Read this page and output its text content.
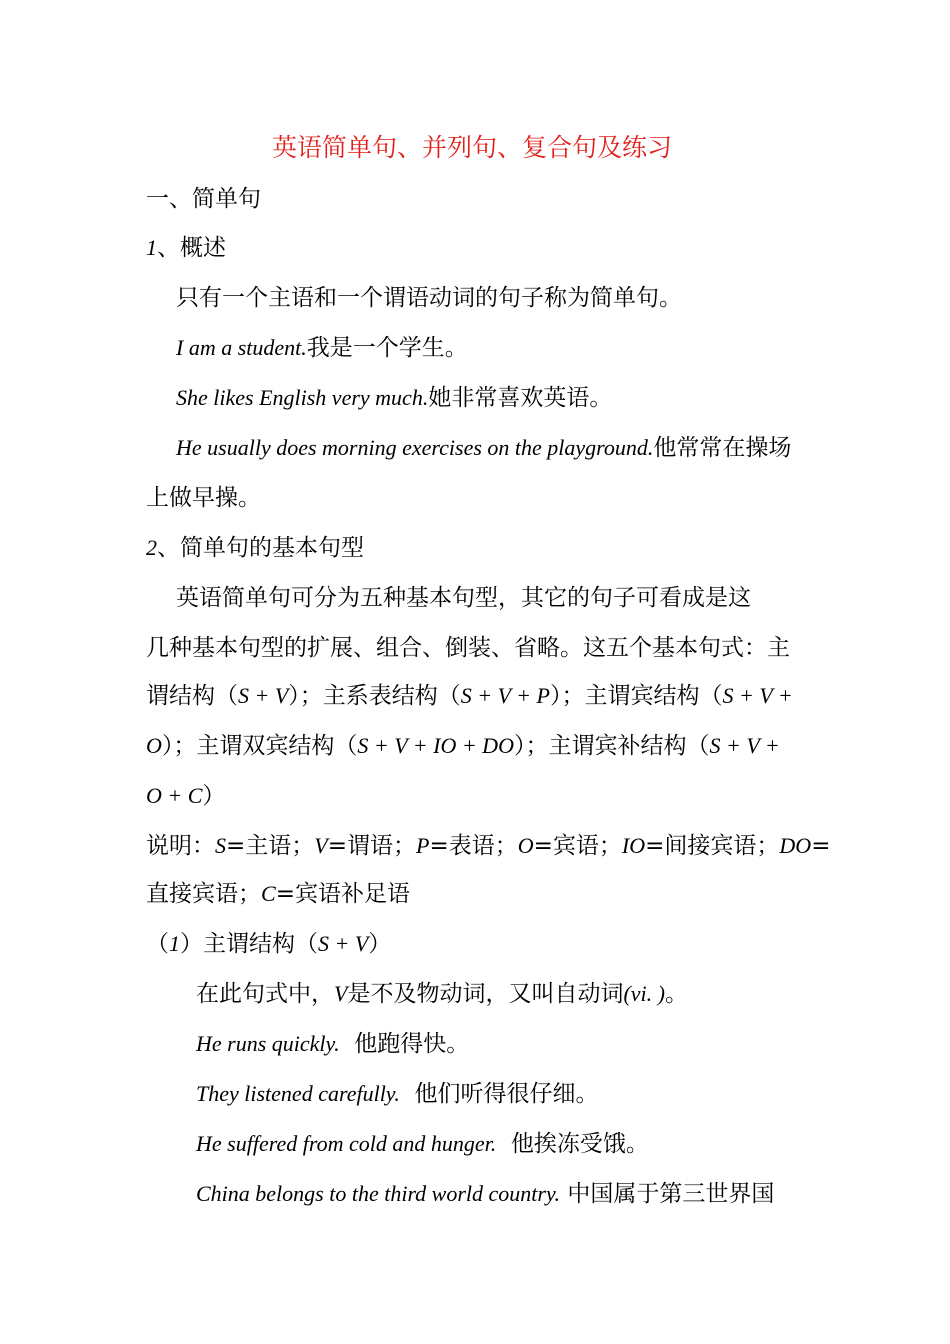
英语简单句、并列句、复合句及练习
一、简单句
1、概述
只有一个主语和一个谓语动词的句子称为简单句。
I am a student.我是一个学生。
She likes English very much.她非常喜欢英语。
He usually does morning exercises on the playground.他常常在操场
上做早操。
2、简单句的基本句型
英语简单句可分为五种基本句型，其它的句子可看成是这
几种基本句型的扩展、组合、倒装、省略。这五个基本句式：主
谓结构（S + V）；主系表结构（S + V + P）；主谓宾结构（S + V +
O）；主谓双宾结构（S + V + IO + DO）；主谓宾补结构（S + V +
O + C）
说明：S=主语；V=谓语；P=表语；O=宾语；IO=间接宾语；DO=
直接宾语；C=宾语补足语
（1）主谓结构（S + V）
在此句式中，V是不及物动词，又叫自动词(vi. )。
He runs quickly. 他跑得快。
They listened carefully. 他们听得很仔细。
He suffered from cold and hunger. 他挨冻受饿。
China belongs to the third world country. 中国属于第三世界国
